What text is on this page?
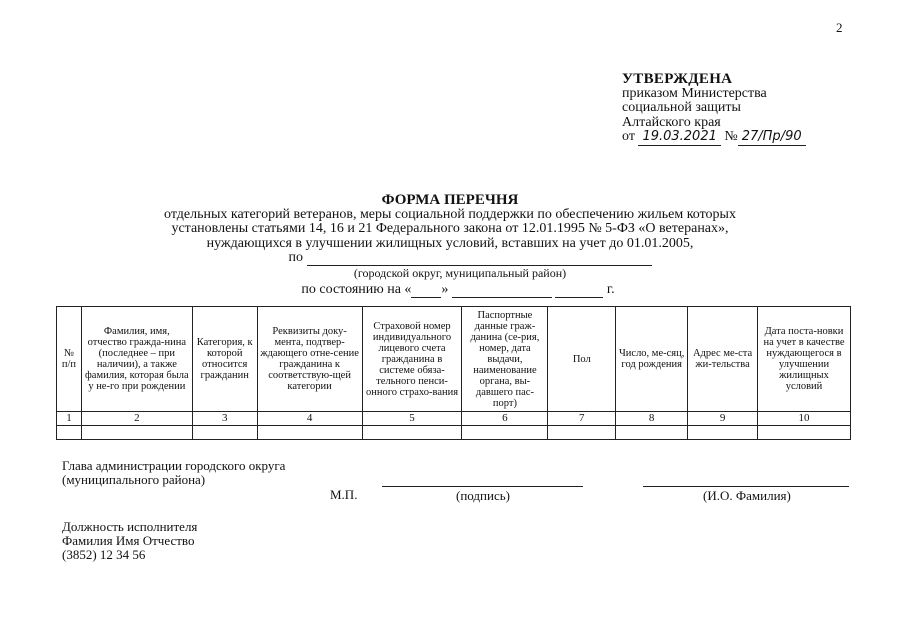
2
УТВЕРЖДЕНА
приказом Министерства
социальной защиты
Алтайского края
от 19.03.2021 № 27/Пр/90
ФОРМА ПЕРЕЧНЯ
отдельных категорий ветеранов, меры социальной поддержки по обеспечению жильем которых
установлены статьями 14, 16 и 21 Федерального закона от 12.01.1995 № 5-ФЗ «О ветеранах»,
нуждающихся в улучшении жилищных условий, вставших на учет до 01.01.2005,
по
(городской округ, муниципальный район)
по состоянию на « »	г.
№ п/п	Фамилия, имя, отчество гражда-нина (последнее – при наличии), а также фамилия, которая была у не-го при рождении	Категория, к которой относится гражданин	Реквизиты доку-мента, подтвер-ждающего отне-сение гражданина к соответствую-щей категории	Страховой номер индивидуального лицевого счета гражданина в системе обяза-тельного пенси-онного страхо-вания	Паспортные данные граж-данина (се-рия, номер, дата выдачи, наименование органа, вы-давшего пас-порт)	Пол	Число, ме-сяц, год рождения	Адрес ме-ста жи-тельства	Дата поста-новки на учет в качестве нуждающегося в улучшении жилищных условий
1	2	3	4	5	6	7	8	9	10

Глава администрации городского округа
(муниципального района)
М.П.	(подпись)	(И.О. Фамилия)
Должность исполнителя
Фамилия Имя Отчество
(3852) 12 34 56
